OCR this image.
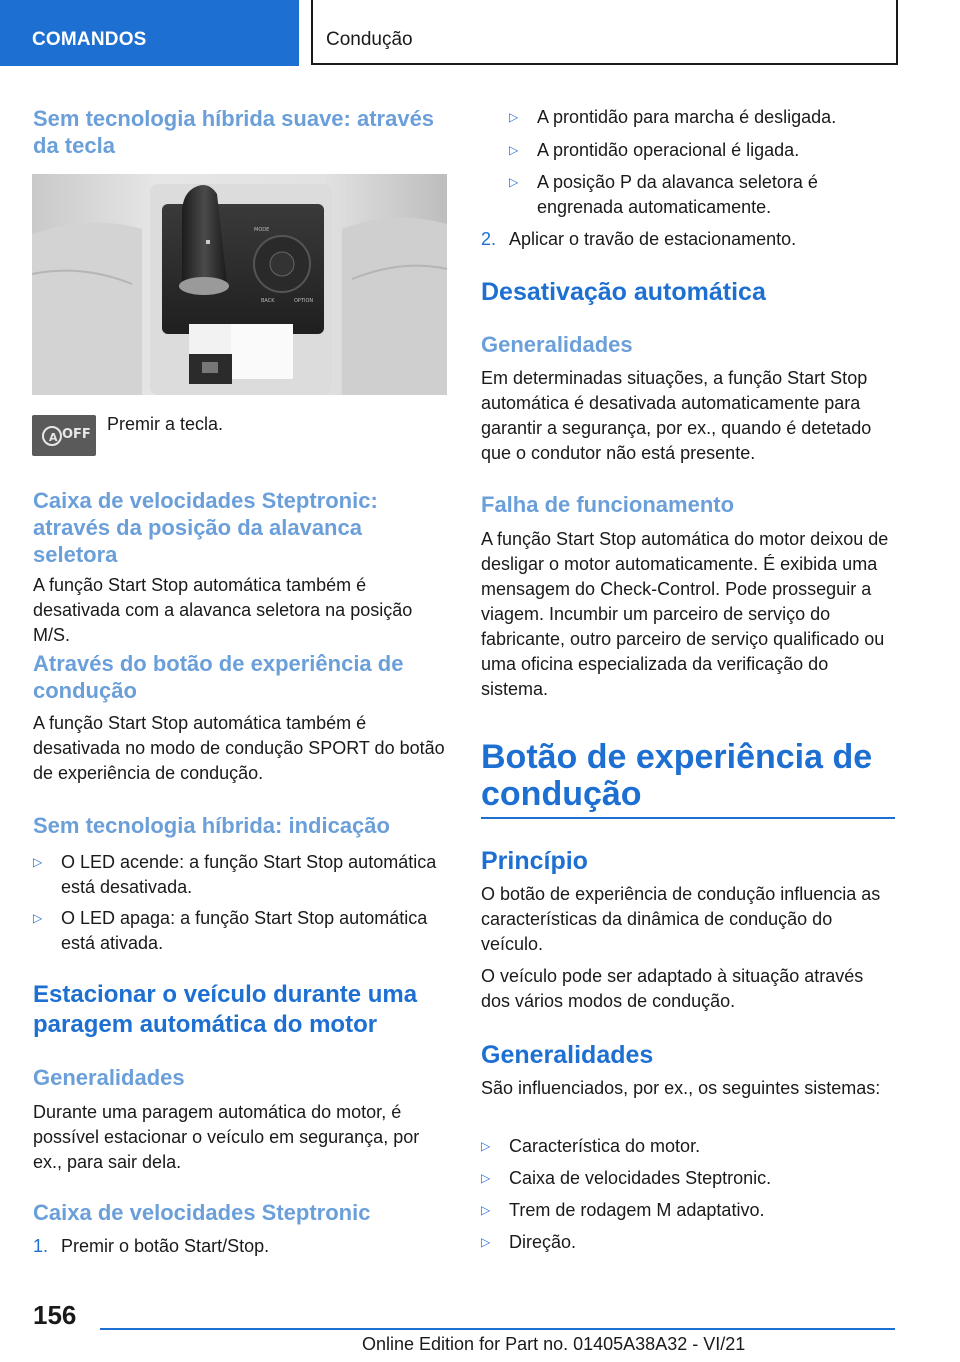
COMANDOS	Condução
Sem tecnologia híbrida suave: através da tecla
MODE
BACK	OPTION
A OFF
Premir a tecla.
Caixa de velocidades Steptronic: através da posição da alavanca seletora
A função Start Stop automática também é desativada com a alavanca seletora na posição M/S.
Através do botão de experiência de condução
A função Start Stop automática também é desativada no modo de condução SPORT do botão de experiência de condução.
Sem tecnologia híbrida: indicação
▷ O LED acende: a função Start Stop automática está desativada.
▷ O LED apaga: a função Start Stop automática está ativada.
Estacionar o veículo durante uma paragem automática do motor
Generalidades
Durante uma paragem automática do motor, é possível estacionar o veículo em segurança, por ex., para sair dela.
Caixa de velocidades Steptronic
1. Premir o botão Start/Stop.
▷ A prontidão para marcha é desligada.
▷ A prontidão operacional é ligada.
▷ A posição P da alavanca seletora é engrenada automaticamente.
2. Aplicar o travão de estacionamento.
Desativação automática
Generalidades
Em determinadas situações, a função Start Stop automática é desativada automaticamente para garantir a segurança, por ex., quando é detetado que o condutor não está presente.
Falha de funcionamento
A função Start Stop automática do motor deixou de desligar o motor automaticamente. É exibida uma mensagem do Check-Control. Pode prosseguir a viagem. Incumbir um parceiro de serviço do fabricante, outro parceiro de serviço qualificado ou uma oficina especializada da verificação do sistema.
Botão de experiência de condução
Princípio
O botão de experiência de condução influencia as características da dinâmica de condução do veículo.
O veículo pode ser adaptado à situação através dos vários modos de condução.
Generalidades
São influenciados, por ex., os seguintes sistemas:
▷ Característica do motor.
▷ Caixa de velocidades Steptronic.
▷ Trem de rodagem M adaptativo.
▷ Direção.
156
Online Edition for Part no. 01405A38A32 - VI/21
